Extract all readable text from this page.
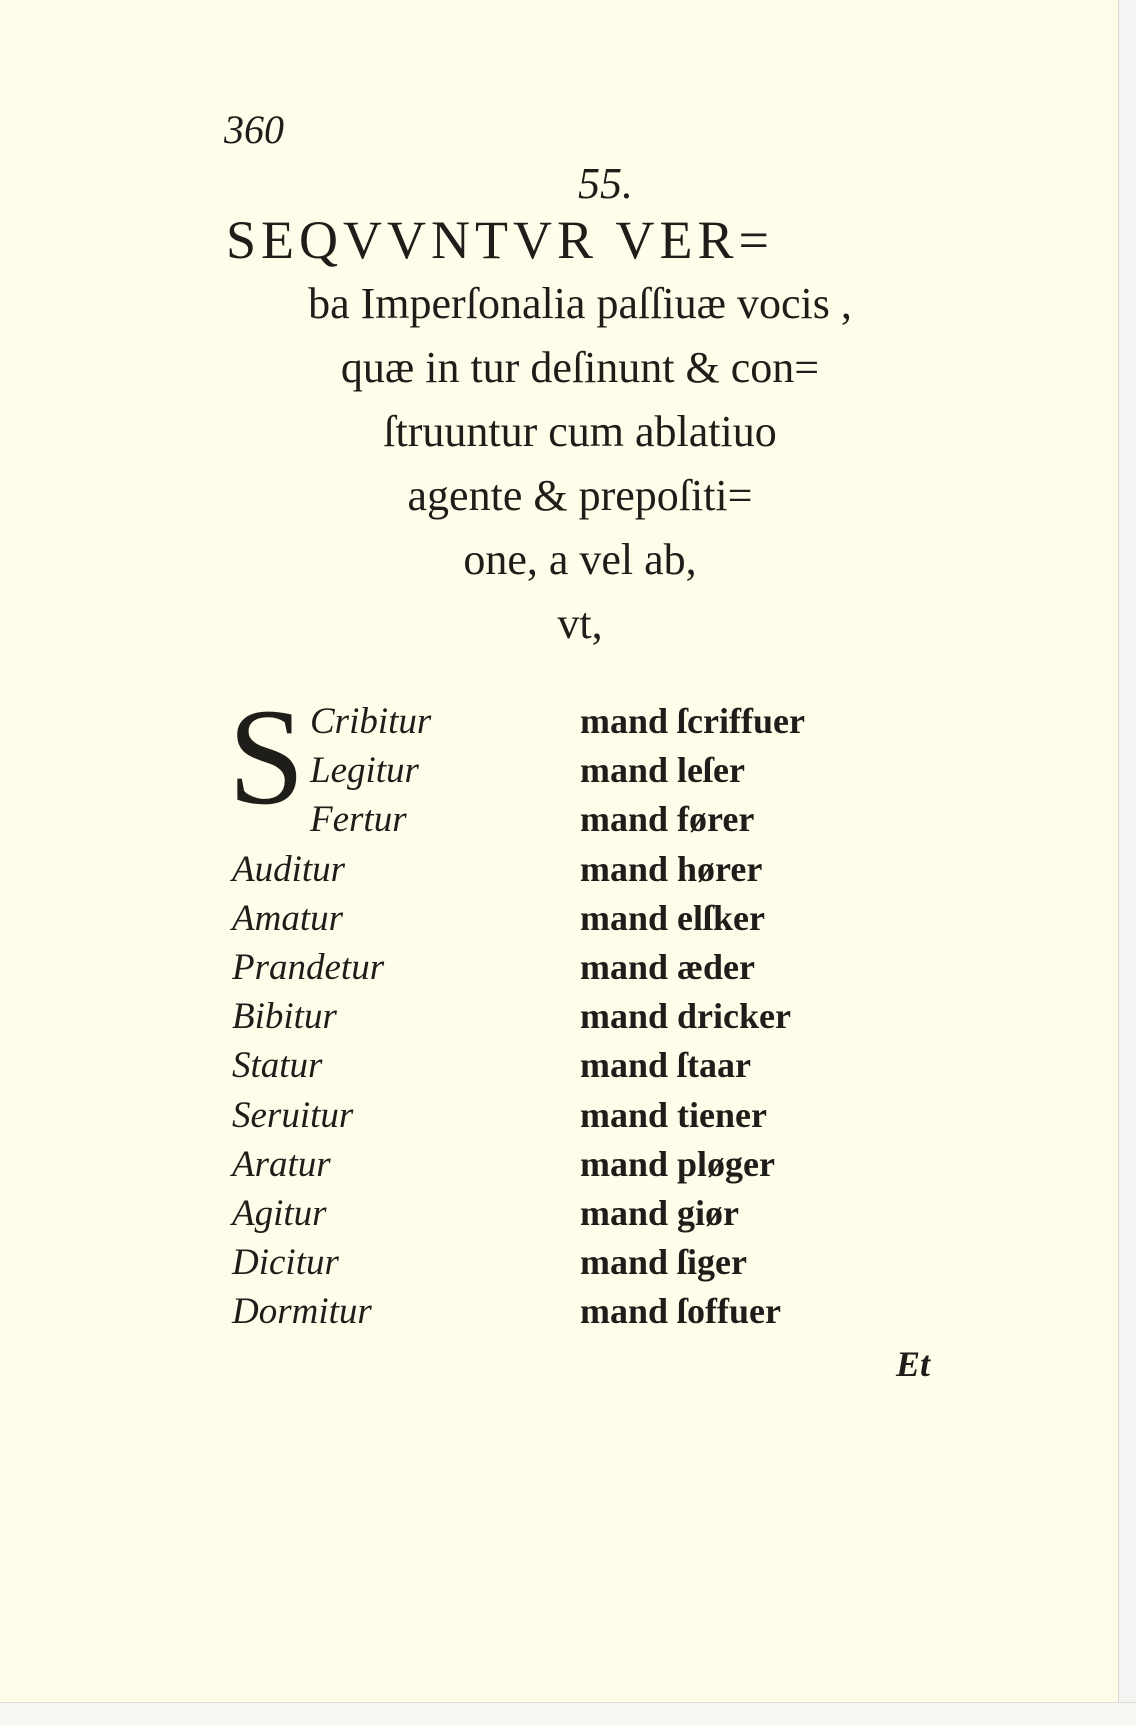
360
55.
SEQVVNTVR VER=
ba Imperſonalia paſſiuæ vocis ,
quæ in tur deſinunt & con=
ſtruuntur cum ablatiuo
agente & prepoſiti=
one, a vel ab,
vt,
S Cribitur
Legitur
Fertur
Auditur
Amatur
Prandetur
Bibitur
Statur
Seruitur
Aratur
Agitur
Dicitur
Dormitur
mand ſcriffuer
mand leſer
mand fører
mand hører
mand elſker
mand æder
mand dricker
mand ſtaar
mand tiener
mand pløger
mand giør
mand ſiger
mand ſoffuer
Et
